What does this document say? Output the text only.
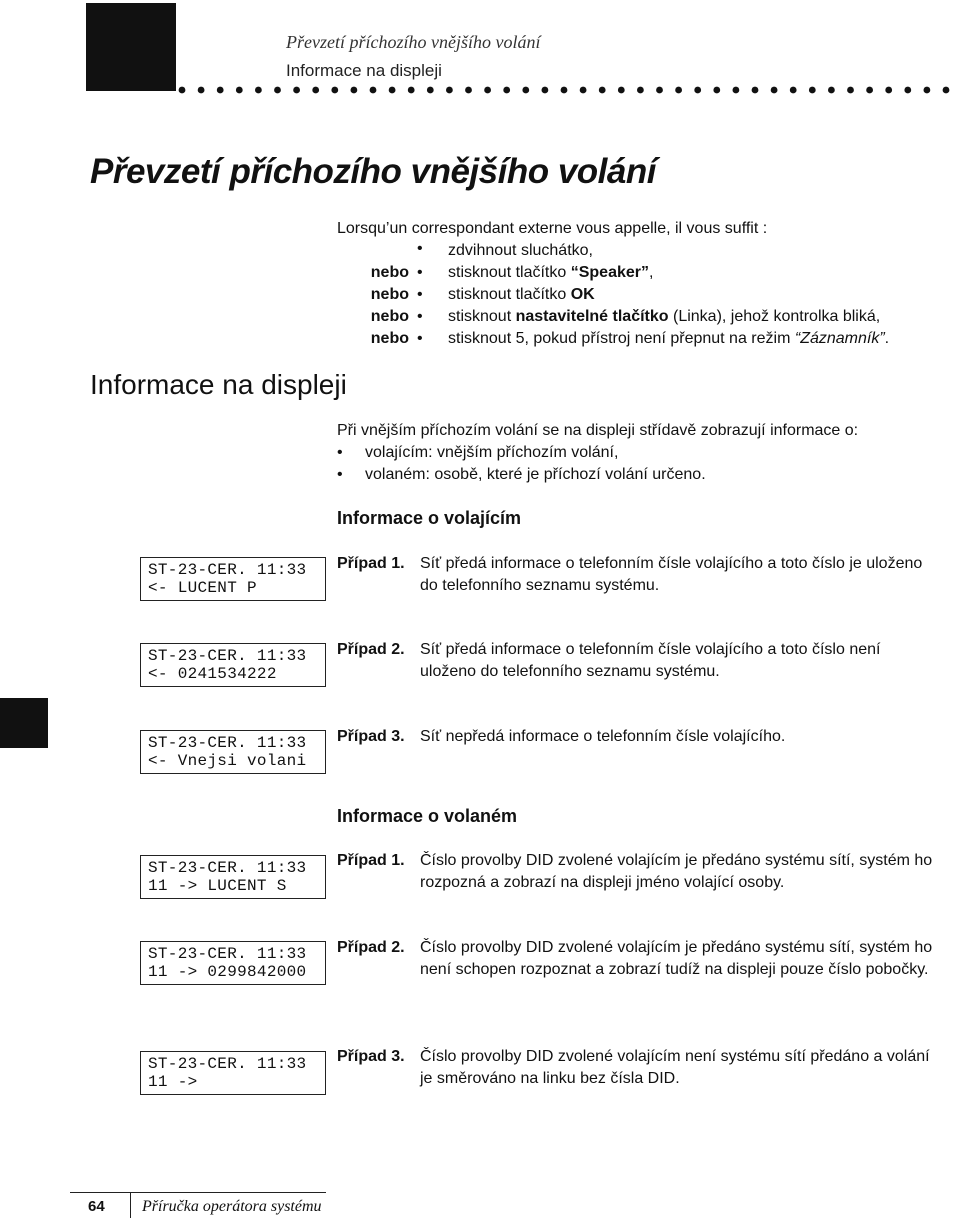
Převzetí příchozího vnějšího volání
Informace na displeji
Převzetí příchozího vnějšího volání
Lorsqu’un correspondant externe vous appelle, il vous suffit :
• zdvihnout sluchátko,
nebo • stisknout tlačítko “Speaker”,
nebo • stisknout tlačítko OK
nebo • stisknout nastavitelné tlačítko (Linka), jehož kontrolka bliká,
nebo • stisknout 5, pokud přístroj není přepnut na režim “Záznamník”.
Informace na displeji
Při vnějším příchozím volání se na displeji střídavě zobrazují informace o:
• volajícím: vnějším příchozím volání,
• volaném: osobě, které je příchozí volání určeno.
Informace o volajícím
ST-23-CER. 11:33
<- LUCENT P
Případ 1. Síť předá informace o telefonním čísle volajícího a toto číslo je uloženo do telefonního seznamu systému.
ST-23-CER. 11:33
<- 0241534222
Případ 2. Síť předá informace o telefonním čísle volajícího a toto číslo není uloženo do telefonního seznamu systému.
ST-23-CER. 11:33
<- Vnejsi volani
Případ 3. Síť nepředá informace o telefonním čísle volajícího.
Informace o volaném
ST-23-CER. 11:33
11 -> LUCENT S
Případ 1. Číslo provolby DID zvolené volajícím je předáno systému sítí, systém ho rozpozná a zobrazí na displeji jméno volající osoby.
ST-23-CER. 11:33
11 -> 0299842000
Případ 2. Číslo provolby DID zvolené volajícím je předáno systému sítí, systém ho není schopen rozpoznat a zobrazí tudíž na displeji pouze číslo pobočky.
ST-23-CER. 11:33
11 ->
Případ 3. Číslo provolby DID zvolené volajícím není systému sítí předáno a volání je směrováno na linku bez čísla DID.
64 Příručka operátora systému
